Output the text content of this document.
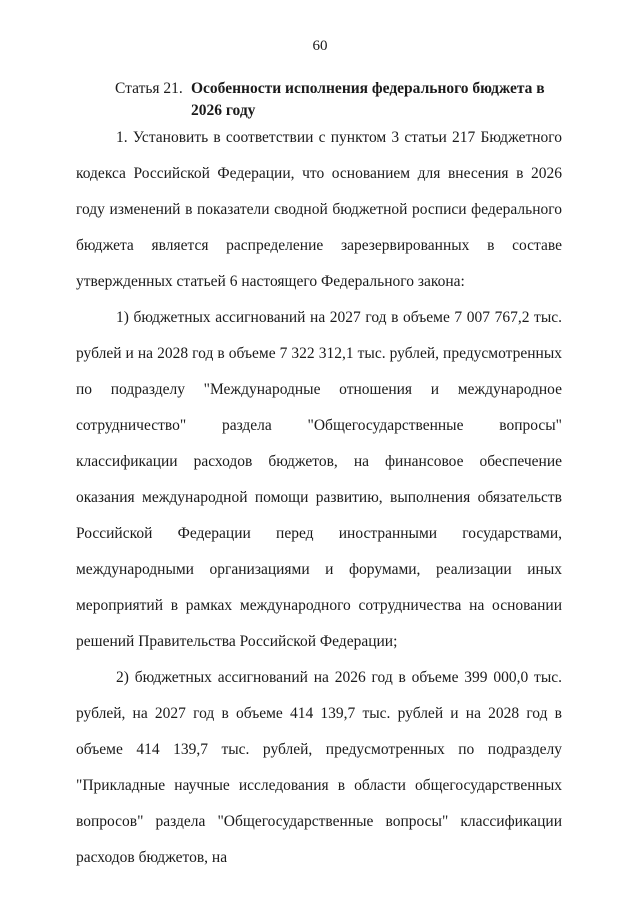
60
Статья 21. Особенности исполнения федерального бюджета в 2026 году

1. Установить в соответствии с пунктом 3 статьи 217 Бюджетного кодекса Российской Федерации, что основанием для внесения в 2026 году изменений в показатели сводной бюджетной росписи федерального бюджета является распределение зарезервированных в составе утвержденных статьей 6 настоящего Федерального закона:

1) бюджетных ассигнований на 2027 год в объеме 7 007 767,2 тыс. рублей и на 2028 год в объеме 7 322 312,1 тыс. рублей, предусмотренных по подразделу "Международные отношения и международное сотрудничество" раздела "Общегосударственные вопросы" классификации расходов бюджетов, на финансовое обеспечение оказания международной помощи развитию, выполнения обязательств Российской Федерации перед иностранными государствами, международными организациями и форумами, реализации иных мероприятий в рамках международного сотрудничества на основании решений Правительства Российской Федерации;

2) бюджетных ассигнований на 2026 год в объеме 399 000,0 тыс. рублей, на 2027 год в объеме 414 139,7 тыс. рублей и на 2028 год в объеме 414 139,7 тыс. рублей, предусмотренных по подразделу "Прикладные научные исследования в области общегосударственных вопросов" раздела "Общегосударственные вопросы" классификации расходов бюджетов, на
